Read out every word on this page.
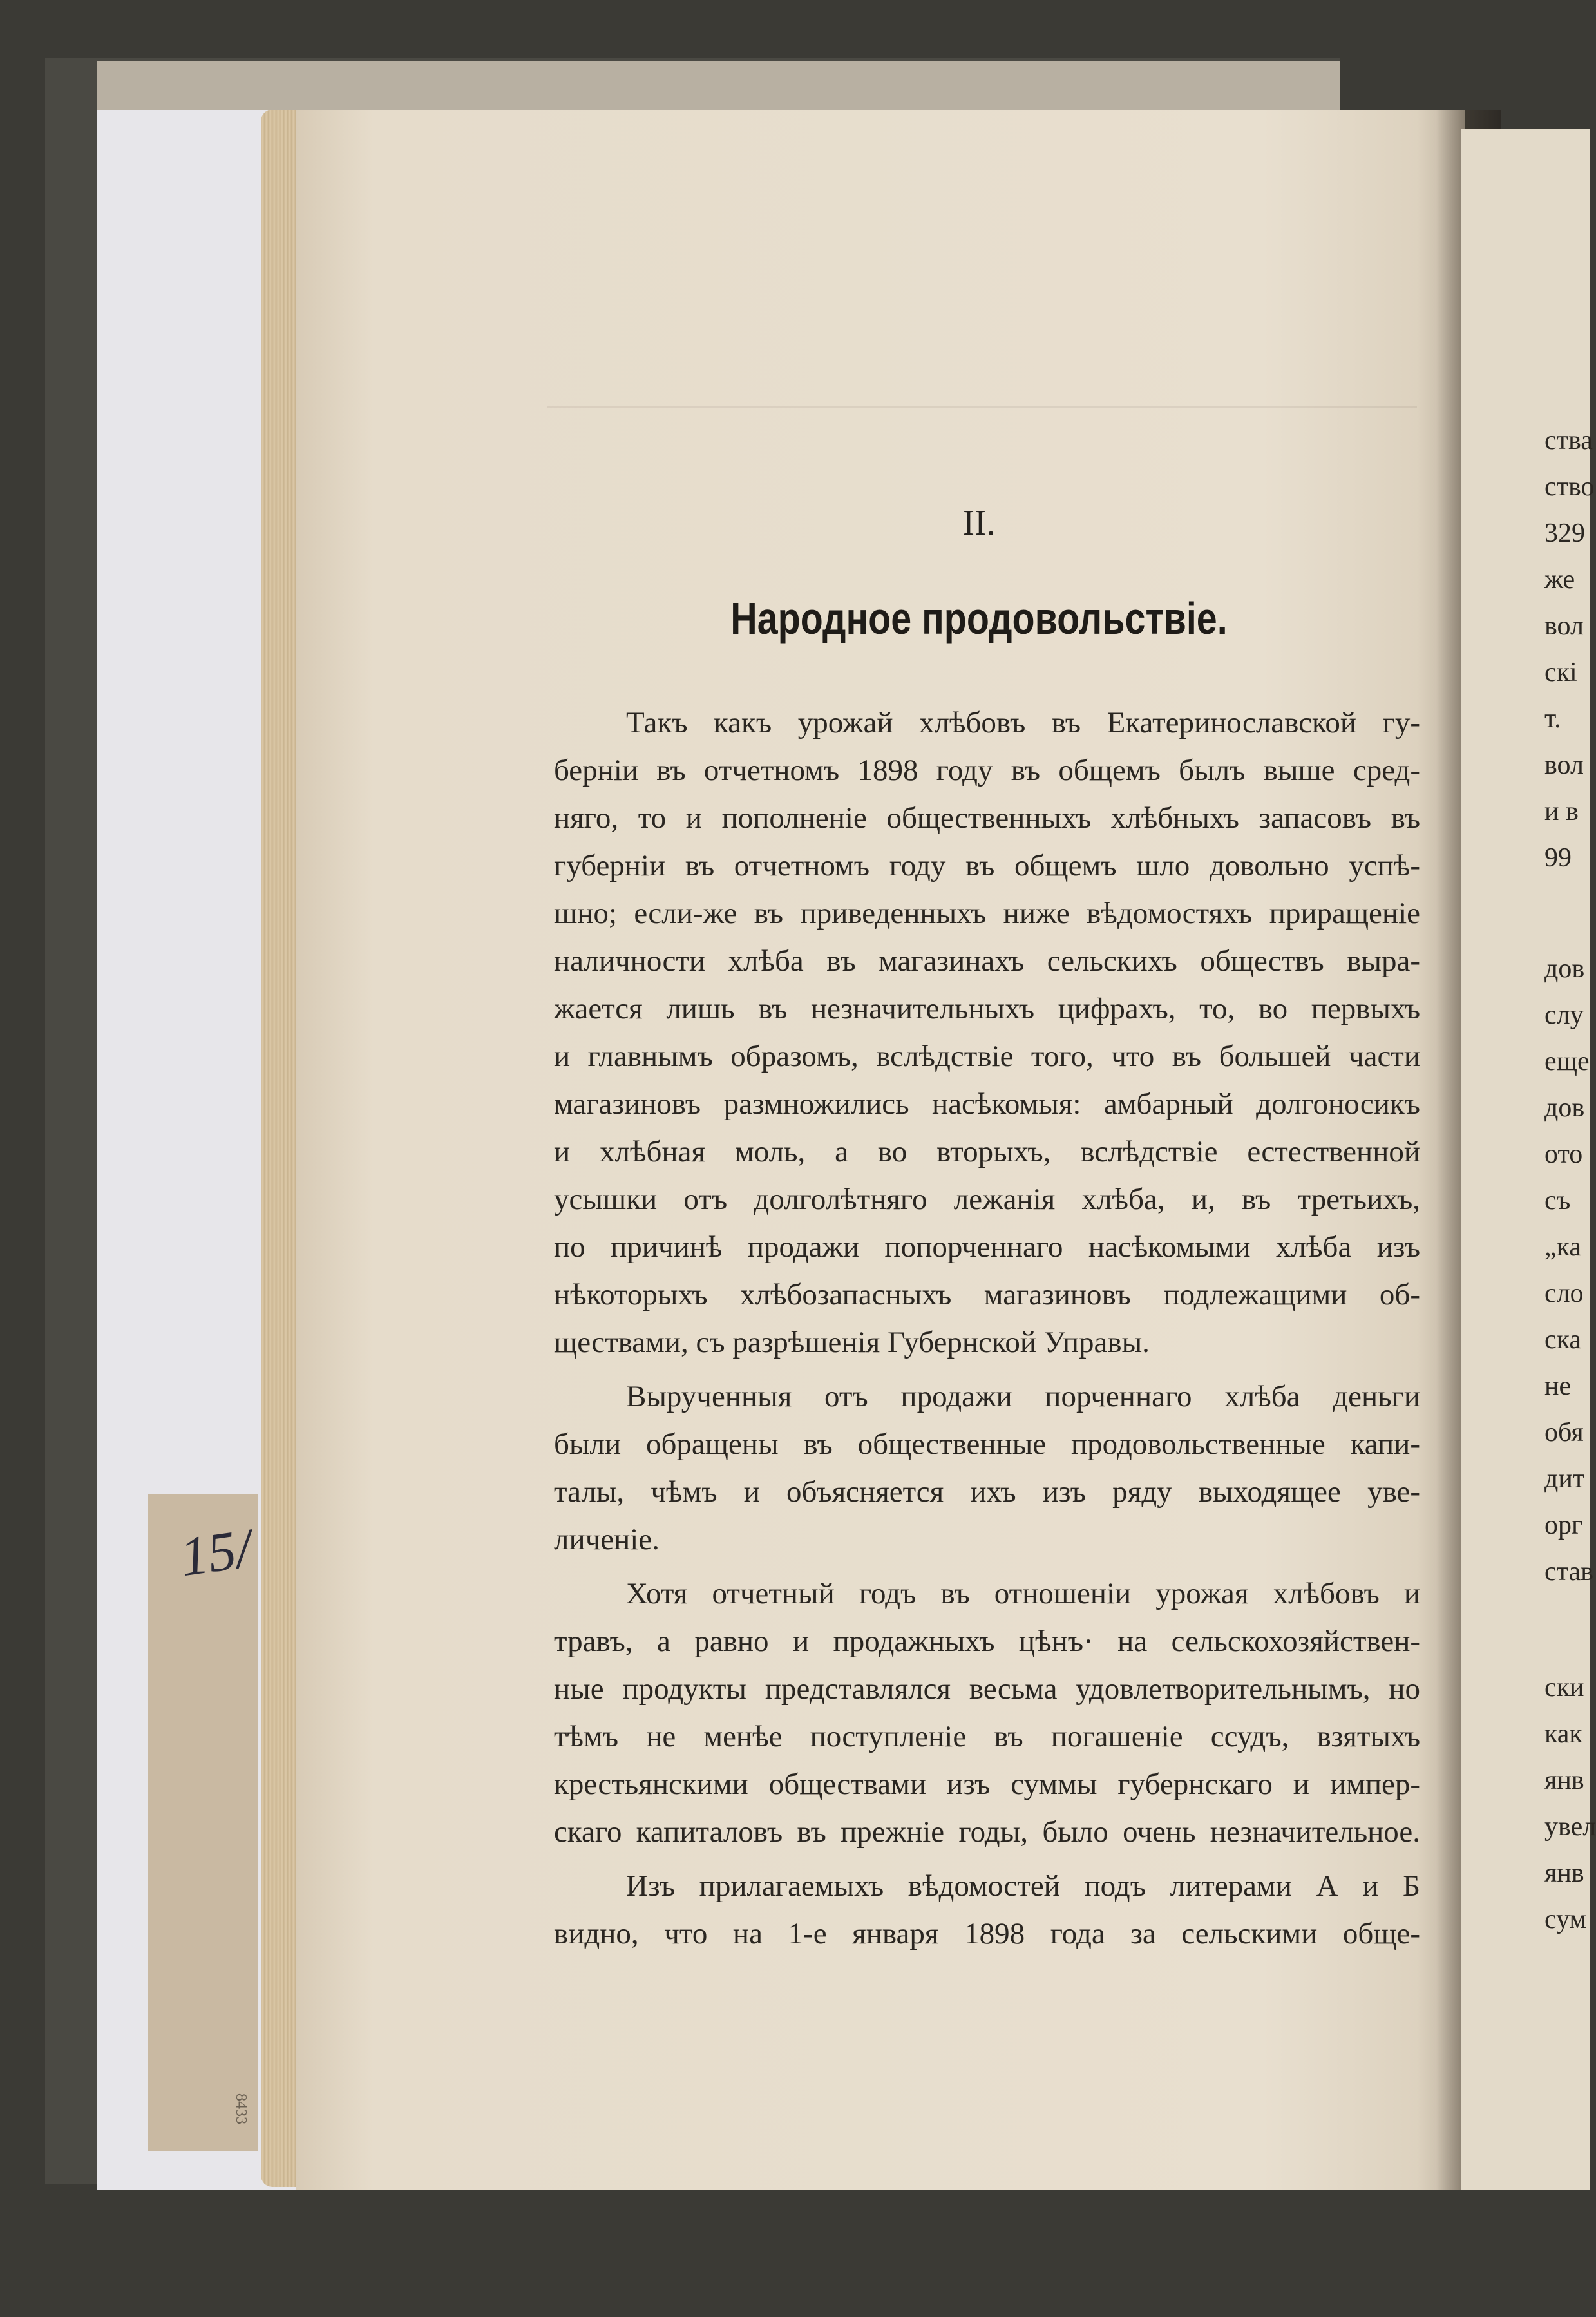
15/
8433
II.
Народное продовольствіе.
Такъ какъ урожай хлѣбовъ въ Екатеринославской гу-
берніи въ отчетномъ 1898 году въ общемъ былъ выше сред-
няго, то и пополненіе общественныхъ хлѣбныхъ запасовъ въ
губерніи въ отчетномъ году въ общемъ шло довольно успѣ-
шно; если-же въ приведенныхъ ниже вѣдомостяхъ приращеніе
наличности хлѣба въ магазинахъ сельскихъ обществъ выра-
жается лишь въ незначительныхъ цифрахъ, то, во первыхъ
и главнымъ образомъ, вслѣдствіе того, что въ большей части
магазиновъ размножились насѣкомыя: амбарный долгоносикъ
и хлѣбная моль, а во вторыхъ, вслѣдствіе естественной
усышки отъ долголѣтняго лежанія хлѣба, и, въ третьихъ,
по причинѣ продажи попорченнаго насѣкомыми хлѣба изъ
нѣкоторыхъ хлѣбозапасныхъ магазиновъ подлежащими об-
ществами, съ разрѣшенія Губернской Управы.
Вырученныя отъ продажи порченнаго хлѣба деньги
были обращены въ общественные продовольственные капи-
талы, чѣмъ и объясняется ихъ изъ ряду выходящее уве-
личеніе.
Хотя отчетный годъ въ отношеніи урожая хлѣбовъ и
травъ, а равно и продажныхъ цѣнъ· на сельскохозяйствен-
ные продукты представлялся весьма удовлетворительнымъ, но
тѣмъ не менѣе поступленіе въ погашеніе ссудъ, взятыхъ
крестьянскими обществами изъ суммы губернскаго и импер-
скаго капиталовъ въ прежніе годы, было очень незначительное.
Изъ прилагаемыхъ вѣдомостей подъ литерами А и Б
видно, что на 1-е января 1898 года за сельскими обще-
ства
ство
329
же
вол
скі
т.
вол
и в
99
дов
слу
еще
дов
ото
съ
„ка
сло
ска
не
обя
дит
орг
став
ски
как
янв
увел
янв
сум
